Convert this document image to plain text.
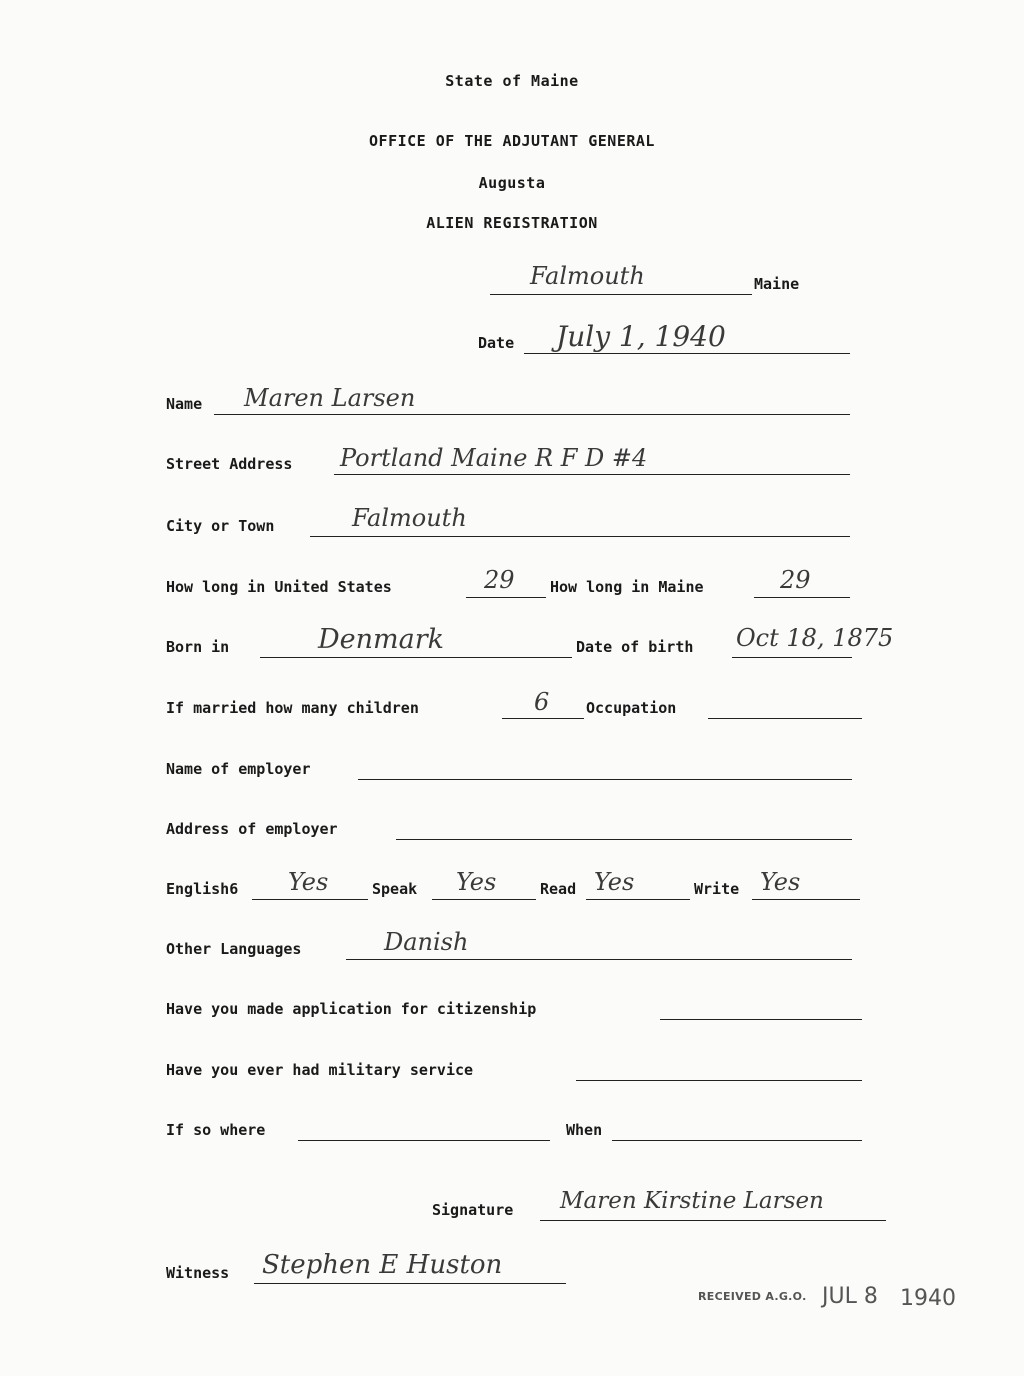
State of Maine
OFFICE OF THE ADJUTANT GENERAL
Augusta
ALIEN REGISTRATION
Falmouth	Maine
Date July 1, 1940
Name Maren Larsen
Street Address Portland Maine R F D #4
City or Town	Falmouth
How long in United States	29 How long in Maine	29
Born in	Denmark	Date of birth Oct 18, 1875
If married how many children	6 Occupation
Name of employer
Address of employer
English6 Yes	Speak Yes	Read Yes	Write Yes
Other Languages	Danish
Have you made application for citizenship
Have you ever had military service
If so where	When
Signature Maren Kirstine Larsen
Witness Stephen E Huston
RECEIVED A.G.O. JUL 8 1940
